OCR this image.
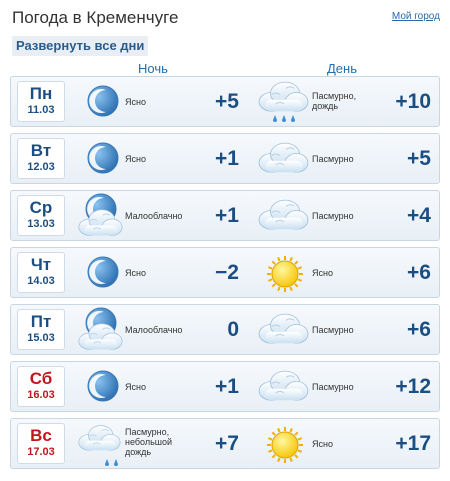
Погода в Кременчуге	Мой город
Развернуть все дни
Ночь	День
Пн
11.03
Ясно	+5	Пасмурно, дождь	+10
Вт
12.03
Ясно	+1	Пасмурно	+5
Ср
13.03
Малооблачно	+1	Пасмурно	+4
Чт
14.03
Ясно	−2	Ясно	+6
Пт
15.03
Малооблачно	0	Пасмурно	+6
Сб
16.03
Ясно	+1	Пасмурно	+12
Вс
17.03
Пасмурно, небольшой дождь	+7	Ясно	+17
